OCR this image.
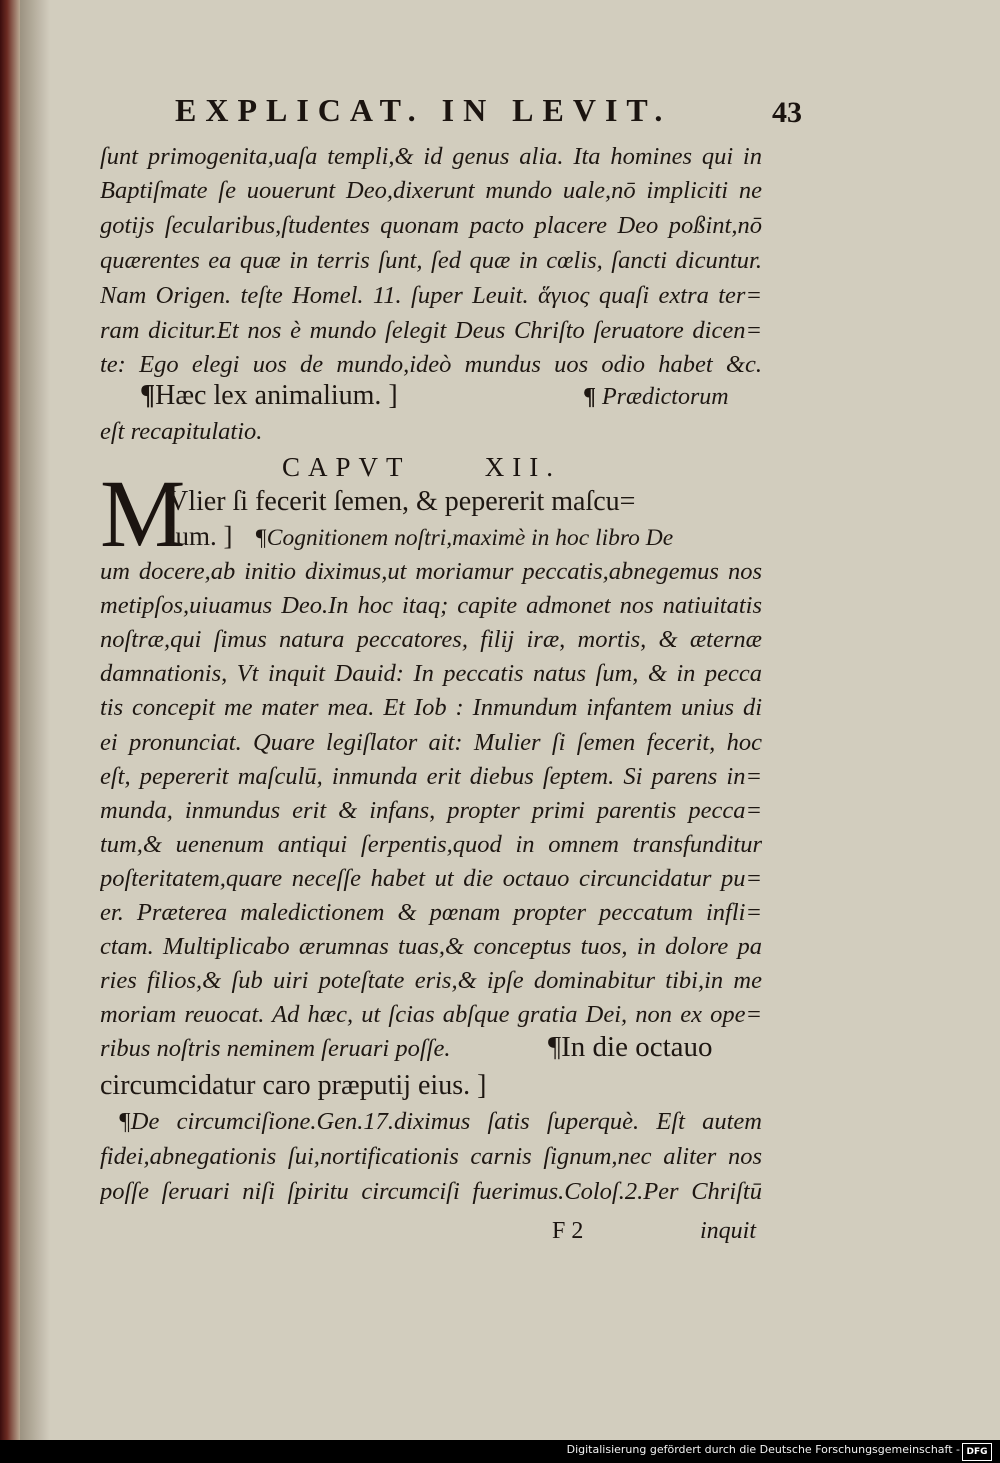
EXPLICAT. IN LEVIT.	43
ſunt primogenita,uaſa templi,& id genus alia. Ita homines qui in
Baptiſmate ſe uouerunt Deo,dixerunt mundo uale,nō impliciti ne
gotijs ſecularibus,ſtudentes quonam pacto placere Deo poßint,nō
quærentes ea quæ in terris ſunt, ſed quæ in cœlis, ſancti dicuntur.
Nam Origen. teſte Homel. 11. ſuper Leuit. ἅγιος quaſi extra ter=
ram dicitur.Et nos è mundo ſelegit Deus Chriſto ſeruatore dicen=
te: Ego elegi uos de mundo,ideò mundus uos odio habet &c.
¶Hæc lex animalium. ]	¶ Prædictorum
eſt recapitulatio.
CAPVT	XII.
M
Vlier ſi fecerit ſemen, & pepererit maſcu=
lum. ] ¶Cognitionem noſtri,maximè in hoc libro De
um docere,ab initio diximus,ut moriamur peccatis,abnegemus nos
metipſos,uiuamus Deo.In hoc itaq; capite admonet nos natiuitatis
noſtræ,qui ſimus natura peccatores, filij iræ, mortis, & æternæ
damnationis, Vt inquit Dauid: In peccatis natus ſum, & in pecca
tis concepit me mater mea. Et Iob : Inmundum infantem unius di
ei pronunciat. Quare legiſlator ait: Mulier ſi ſemen fecerit, hoc
eſt, pepererit maſculū, inmunda erit diebus ſeptem. Si parens in=
munda, inmundus erit & infans, propter primi parentis pecca=
tum,& uenenum antiqui ſerpentis,quod in omnem transfunditur
poſteritatem,quare neceſſe habet ut die octauo circuncidatur pu=
er. Præterea maledictionem & pœnam propter peccatum infli=
ctam. Multiplicabo ærumnas tuas,& conceptus tuos, in dolore pa
ries filios,& ſub uiri poteſtate eris,& ipſe dominabitur tibi,in me
moriam reuocat. Ad hæc, ut ſcias abſque gratia Dei, non ex ope=
ribus noſtris neminem ſeruari poſſe.	¶In die octauo
circumcidatur caro præputij eius. ]
¶De circumciſione.Gen.17.diximus ſatis ſuperquè. Eſt autem
fidei,abnegationis ſui,nortificationis carnis ſignum,nec aliter nos
poſſe ſeruari niſi ſpiritu circumciſi fuerimus.Coloſ.2.Per Chriſtū
F 2	inquit
Digitalisierung gefördert durch die Deutsche Forschungsgemeinschaft - DFG
